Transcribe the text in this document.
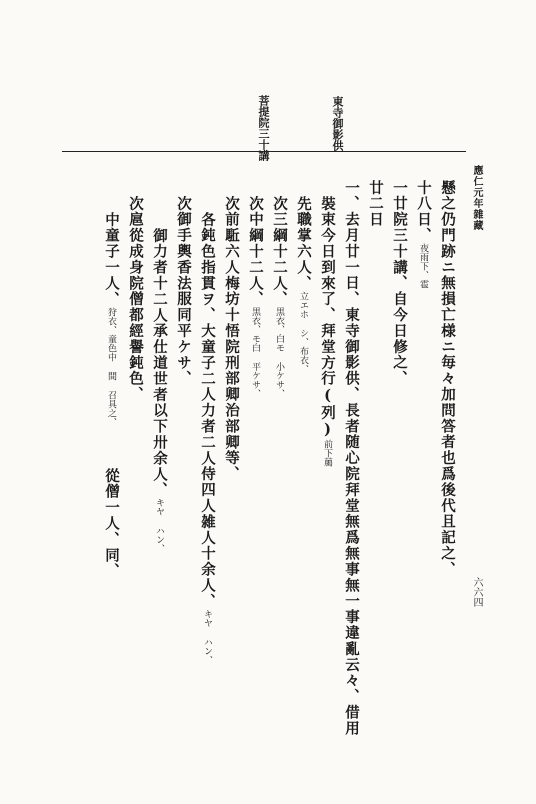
應仁元年雜藏
六六四
菩提院三十講	東寺御影供
懸之仍門跡ニ無損亡様ニ毎々加問答者也爲後代且記之、
十八日、夜雨下、雹
一廿院三十講、自今日修之、
廿二日
一、去月廿一日、東寺御影供、長者随心院拜堂無爲無事無一事違亂云々、借用
裝束今日到來了、拜堂方行(列)前下﨟
先職掌六人、立エホ シ、布衣、
次三綱十二人、黒衣、白モ 小ケサ、
次中綱十二人、黒衣、モ白 平ケサ、
次前駈六人梅坊十悟院刑部卿治部卿等、
各鈍色指貫ヲ、大童子二人力者二人侍四人雑人十余人、キヤ ハン、
次御手輿香法服同平ケサ、
御力者十二人承仕道世者以下卅余人、キヤ ハン、
次扈從成身院僧都經譽鈍色、
中童子一人、狩衣、童色中 間 召具之、
從僧一人、同、
